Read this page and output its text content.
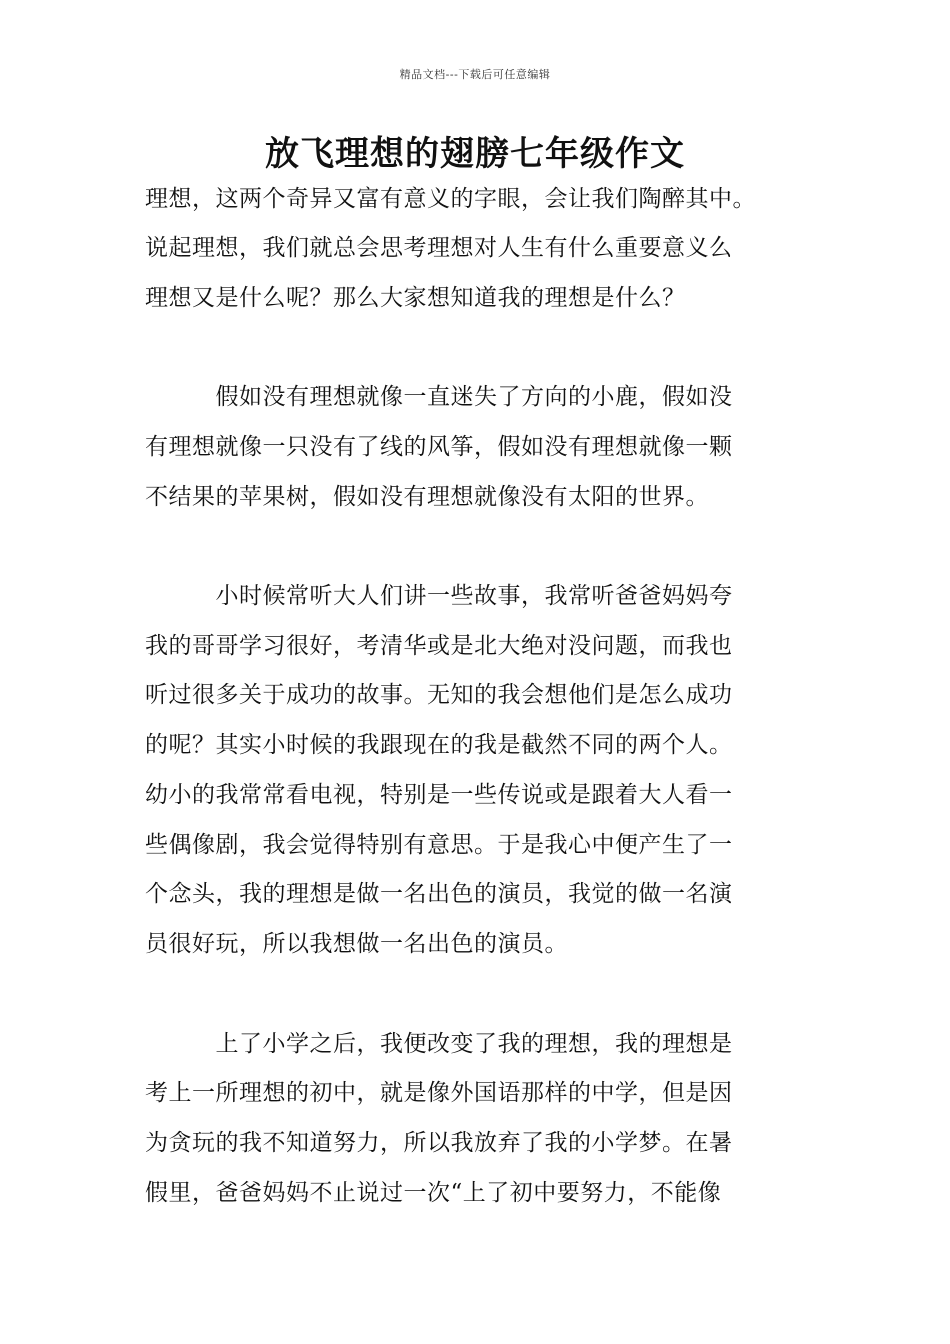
精品文档---下载后可任意编辑
放飞理想的翅膀七年级作文
理想，这两个奇异又富有意义的字眼，会让我们陶醉其中。
说起理想，我们就总会思考理想对人生有什么重要意义么
理想又是什么呢？那么大家想知道我的理想是什么？
　　　假如没有理想就像一直迷失了方向的小鹿，假如没
有理想就像一只没有了线的风筝，假如没有理想就像一颗
不结果的苹果树，假如没有理想就像没有太阳的世界。
　　　小时候常听大人们讲一些故事，我常听爸爸妈妈夸
我的哥哥学习很好，考清华或是北大绝对没问题，而我也
听过很多关于成功的故事。无知的我会想他们是怎么成功
的呢？其实小时候的我跟现在的我是截然不同的两个人。
幼小的我常常看电视，特别是一些传说或是跟着大人看一
些偶像剧，我会觉得特别有意思。于是我心中便产生了一
个念头，我的理想是做一名出色的演员，我觉的做一名演
员很好玩，所以我想做一名出色的演员。
　　　上了小学之后，我便改变了我的理想，我的理想是
考上一所理想的初中，就是像外国语那样的中学，但是因
为贪玩的我不知道努力，所以我放弃了我的小学梦。在暑
假里，爸爸妈妈不止说过一次“上了初中要努力，不能像
